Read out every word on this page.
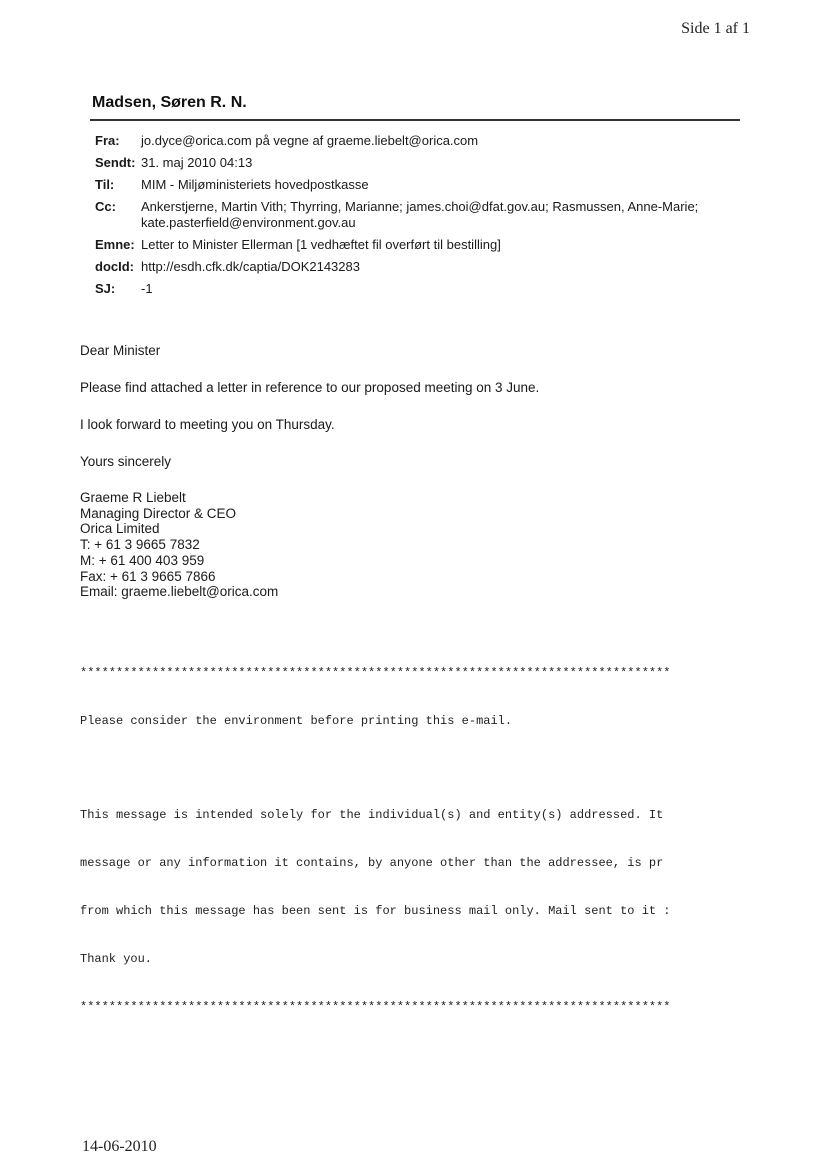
Side 1 af 1
Madsen, Søren R. N.
Fra:	jo.dyce@orica.com på vegne af graeme.liebelt@orica.com
Sendt: 31. maj 2010 04:13
Til:	MIM - Miljøministeriets hovedpostkasse
Cc:	Ankerstjerne, Martin Vith; Thyrring, Marianne; james.choi@dfat.gov.au; Rasmussen, Anne-Marie;
kate.pasterfield@environment.gov.au
Emne: Letter to Minister Ellerman [1 vedhæftet fil overført til bestilling]
docId: http://esdh.cfk.dk/captia/DOK2143283
SJ:	-1

Dear Minister

Please find attached a letter in reference to our proposed meeting on 3 June.

I look forward to meeting you on Thursday.

Yours sincerely

Graeme R Liebelt
Managing Director & CEO
Orica Limited
T: + 61 3 9665 7832
M: + 61 400 403 959
Fax: + 61 3 9665 7866
Email: graeme.liebelt@orica.com

**********************************************************************************

Please consider the environment before printing this e-mail.

This message is intended solely for the individual(s) and entity(s) addressed. It

message or any information it contains, by anyone other than the addressee, is pr

from which this message has been sent is for business mail only. Mail sent to it :

Thank you.

**********************************************************************************

14-06-2010
